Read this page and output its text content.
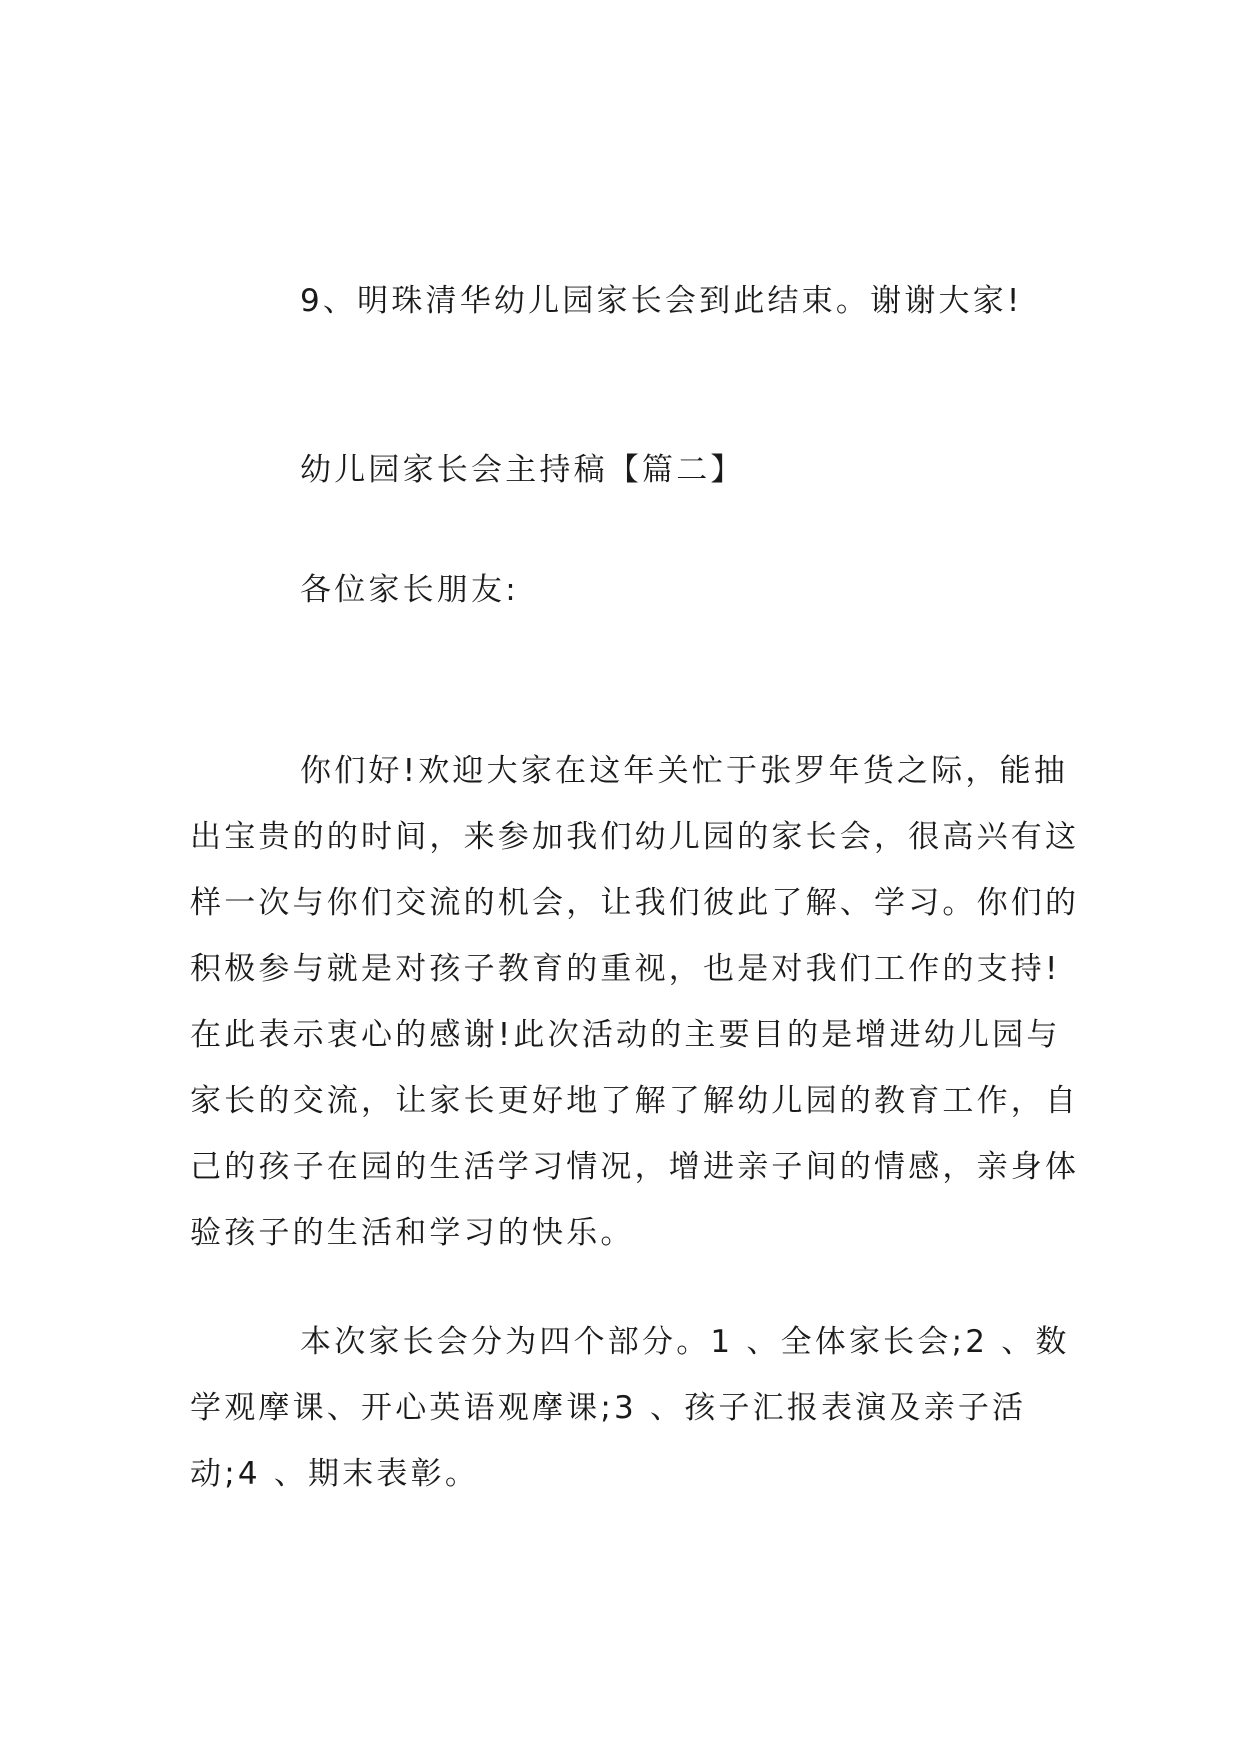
9、明珠清华幼儿园家长会到此结束。谢谢大家!
幼儿园家长会主持稿【篇二】
各位家长朋友:
你们好!欢迎大家在这年关忙于张罗年货之际，能抽
出宝贵的的时间，来参加我们幼儿园的家长会，很高兴有这
样一次与你们交流的机会，让我们彼此了解、学习。你们的
积极参与就是对孩子教育的重视，也是对我们工作的支持!
在此表示衷心的感谢!此次活动的主要目的是增进幼儿园与
家长的交流，让家长更好地了解了解幼儿园的教育工作，自
己的孩子在园的生活学习情况，增进亲子间的情感，亲身体
验孩子的生活和学习的快乐。
本次家长会分为四个部分。1 、全体家长会;2 、数
学观摩课、开心英语观摩课;3 、孩子汇报表演及亲子活
动;4 、期末表彰。
